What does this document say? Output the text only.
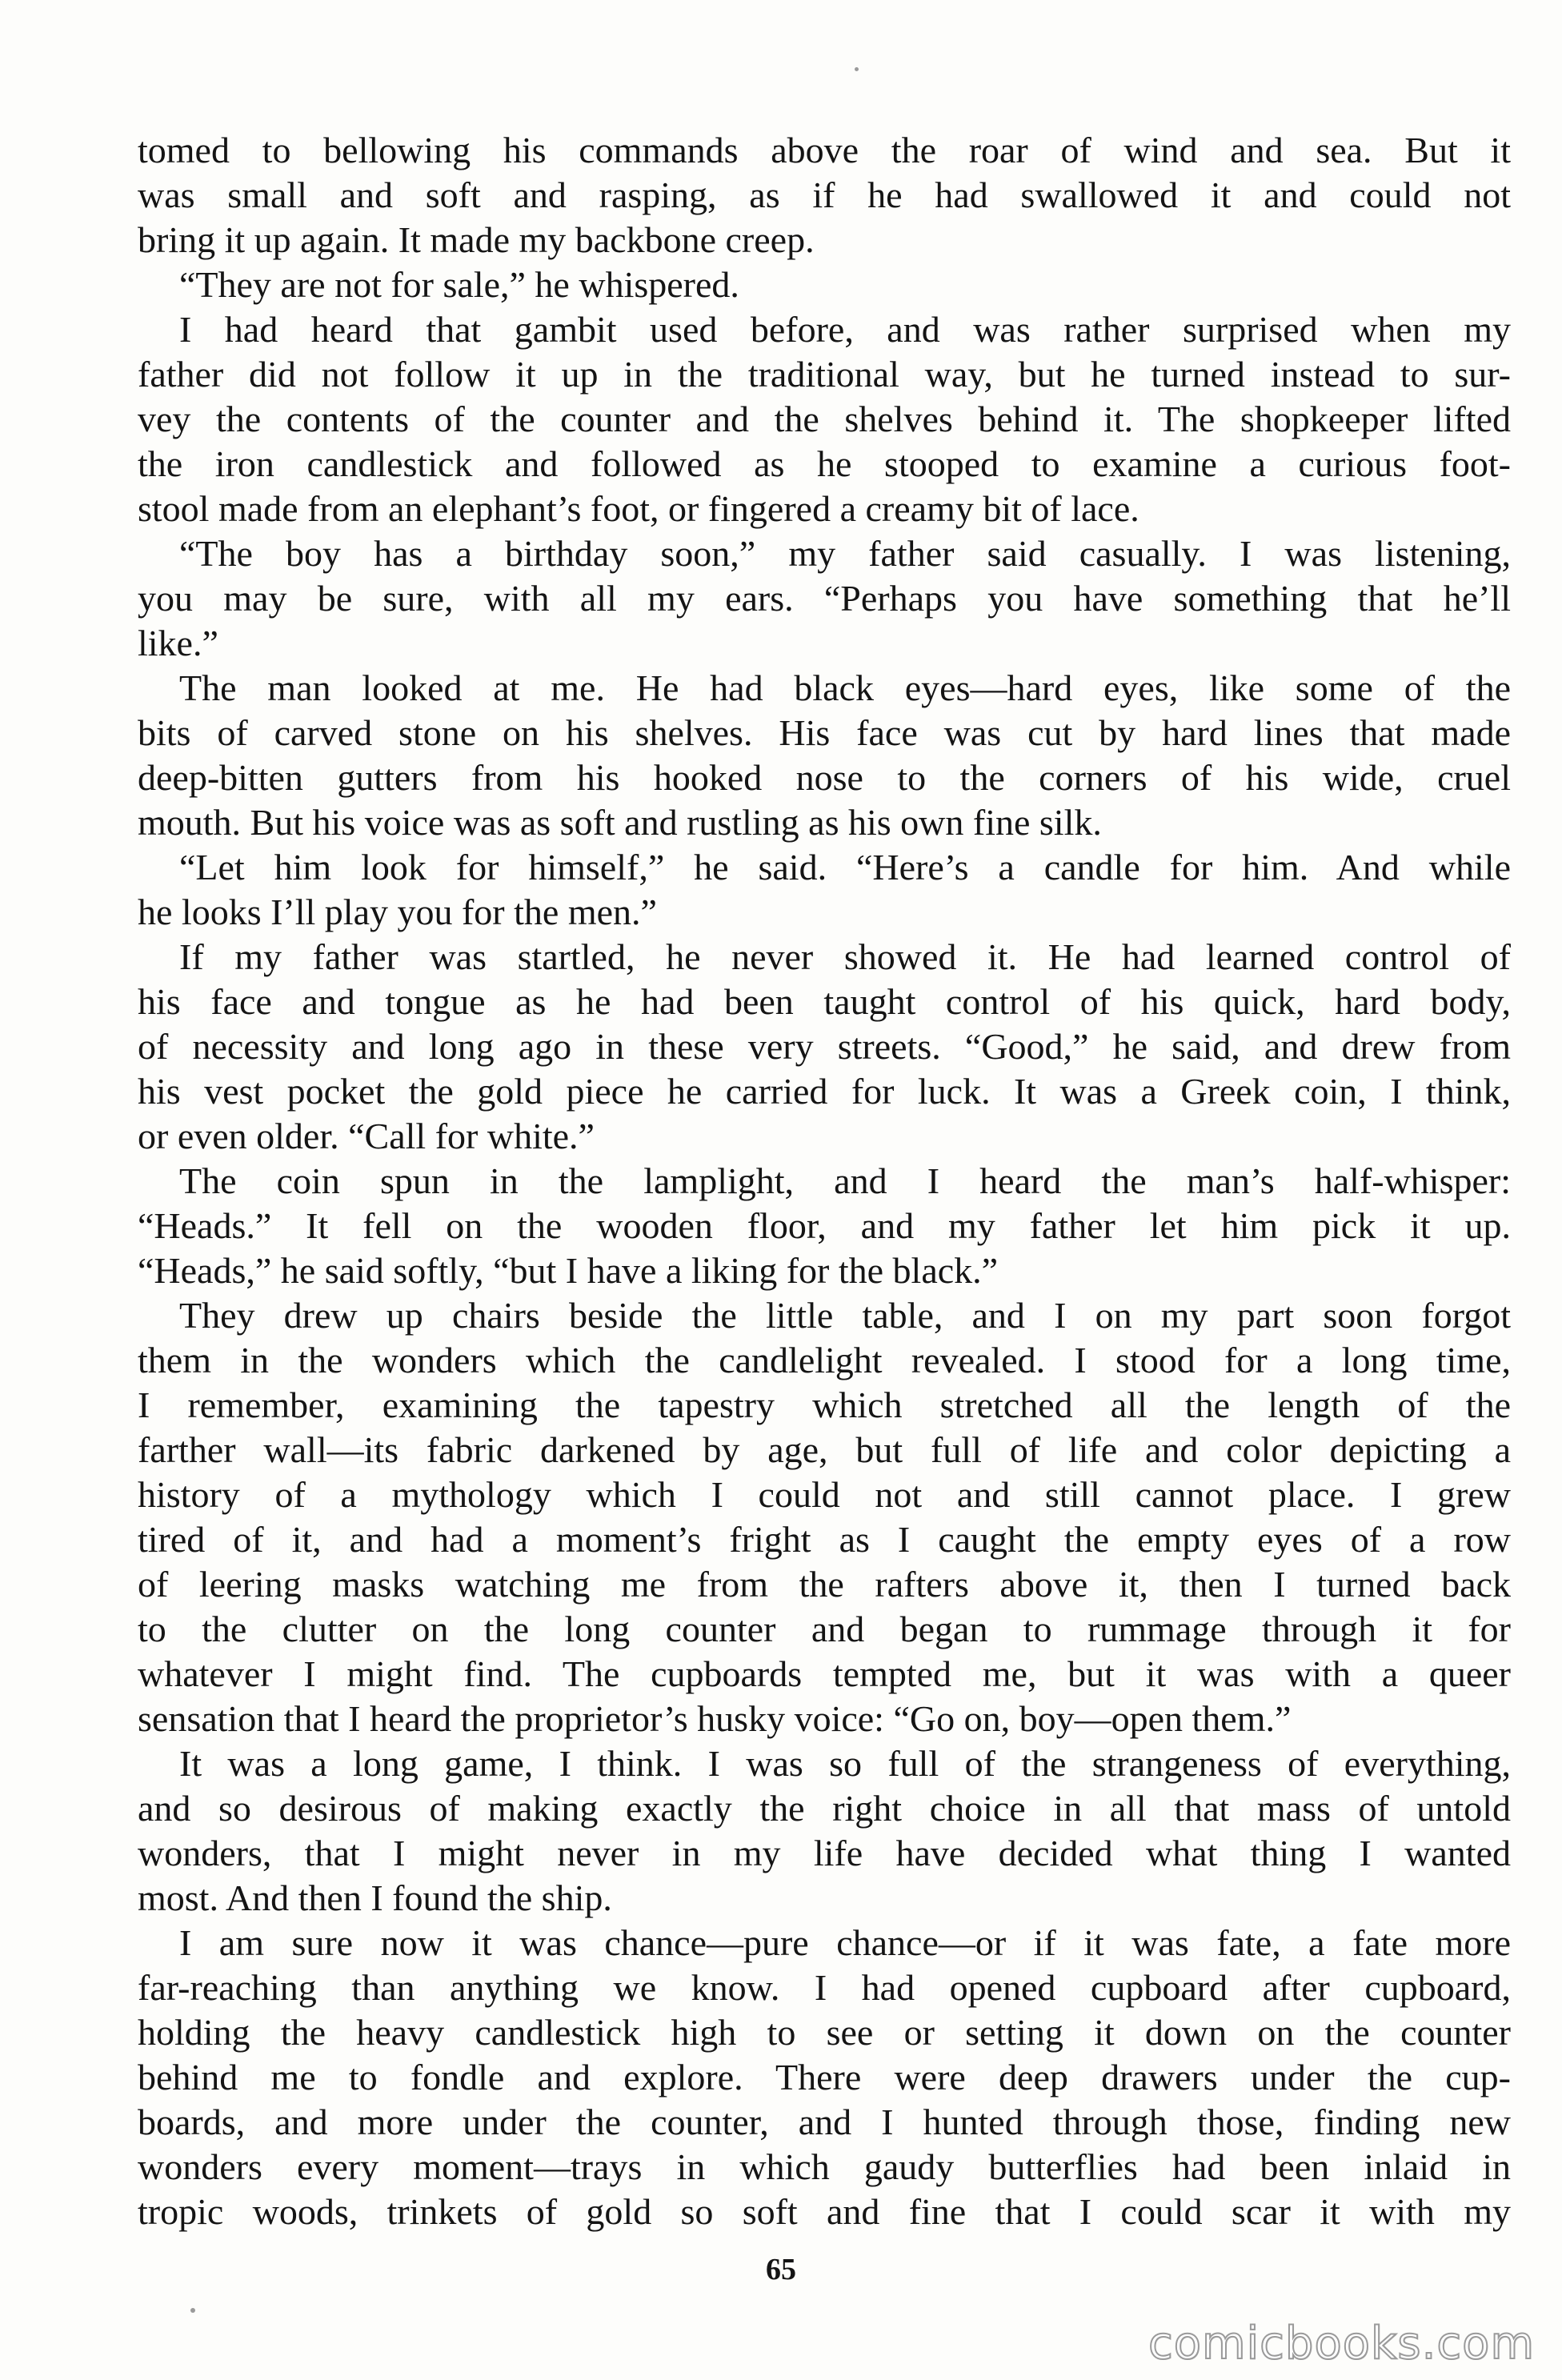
tomed to bellowing his commands above the roar of wind and sea. But it
was small and soft and rasping, as if he had swallowed it and could not
bring it up again. It made my backbone creep.
“They are not for sale,” he whispered.
I had heard that gambit used before, and was rather surprised when my
father did not follow it up in the traditional way, but he turned instead to sur-
vey the contents of the counter and the shelves behind it. The shopkeeper lifted
the iron candlestick and followed as he stooped to examine a curious foot-
stool made from an elephant’s foot, or fingered a creamy bit of lace.
“The boy has a birthday soon,” my father said casually. I was listening,
you may be sure, with all my ears. “Perhaps you have something that he’ll
like.”
The man looked at me. He had black eyes—hard eyes, like some of the
bits of carved stone on his shelves. His face was cut by hard lines that made
deep-bitten gutters from his hooked nose to the corners of his wide, cruel
mouth. But his voice was as soft and rustling as his own fine silk.
“Let him look for himself,” he said. “Here’s a candle for him. And while
he looks I’ll play you for the men.”
If my father was startled, he never showed it. He had learned control of
his face and tongue as he had been taught control of his quick, hard body,
of necessity and long ago in these very streets. “Good,” he said, and drew from
his vest pocket the gold piece he carried for luck. It was a Greek coin, I think,
or even older. “Call for white.”
The coin spun in the lamplight, and I heard the man’s half-whisper:
“Heads.” It fell on the wooden floor, and my father let him pick it up.
“Heads,” he said softly, “but I have a liking for the black.”
They drew up chairs beside the little table, and I on my part soon forgot
them in the wonders which the candlelight revealed. I stood for a long time,
I remember, examining the tapestry which stretched all the length of the
farther wall—its fabric darkened by age, but full of life and color depicting a
history of a mythology which I could not and still cannot place. I grew
tired of it, and had a moment’s fright as I caught the empty eyes of a row
of leering masks watching me from the rafters above it, then I turned back
to the clutter on the long counter and began to rummage through it for
whatever I might find. The cupboards tempted me, but it was with a queer
sensation that I heard the proprietor’s husky voice: “Go on, boy—open them.”
It was a long game, I think. I was so full of the strangeness of everything,
and so desirous of making exactly the right choice in all that mass of untold
wonders, that I might never in my life have decided what thing I wanted
most. And then I found the ship.
I am sure now it was chance—pure chance—or if it was fate, a fate more
far-reaching than anything we know. I had opened cupboard after cupboard,
holding the heavy candlestick high to see or setting it down on the counter
behind me to fondle and explore. There were deep drawers under the cup-
boards, and more under the counter, and I hunted through those, finding new
wonders every moment—trays in which gaudy butterflies had been inlaid in
tropic woods, trinkets of gold so soft and fine that I could scar it with my
65
comicbooks.com
